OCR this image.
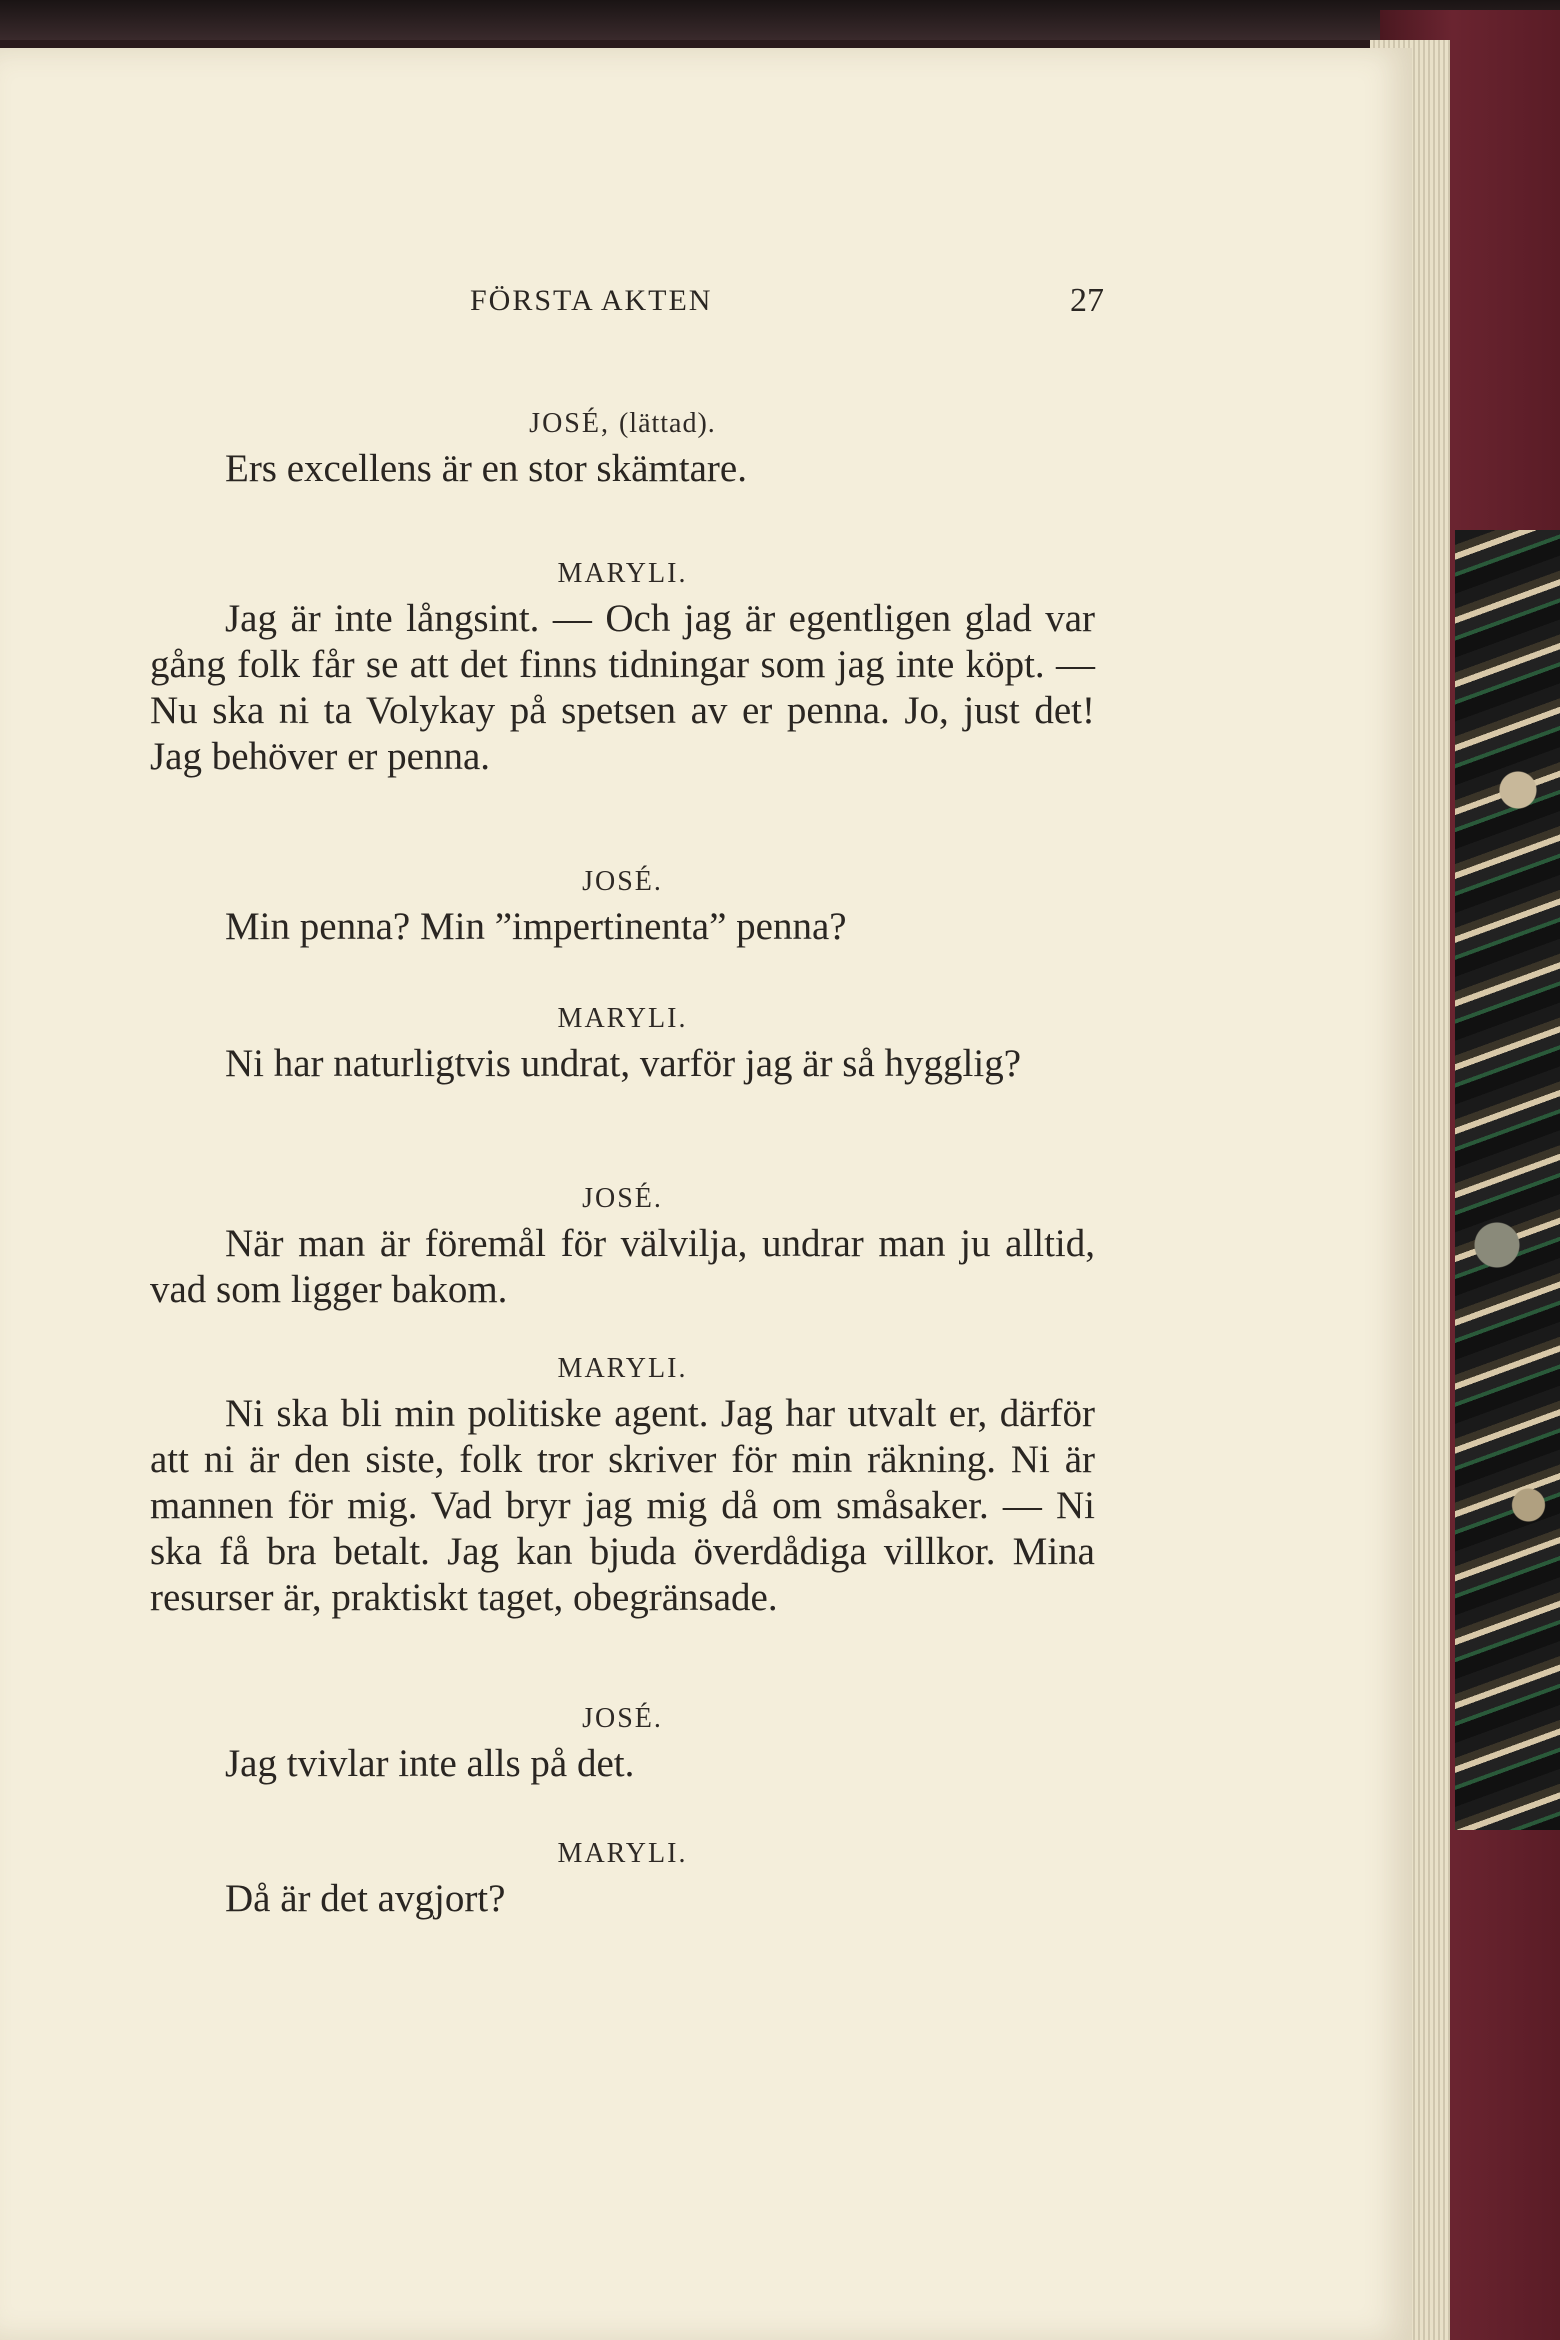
FÖRSTA AKTEN	27
JOSÉ, (lättad).

Ers excellens är en stor skämtare.

MARYLI.

Jag är inte långsint. — Och jag är egentligen glad var gång folk får se att det finns tidningar som jag inte köpt. — Nu ska ni ta Volykay på spetsen av er penna. Jo, just det! Jag behöver er penna.

JOSÉ.

Min penna? Min ”impertinenta” penna?

MARYLI.

Ni har naturligtvis undrat, varför jag är så hygglig?

JOSÉ.

När man är föremål för välvilja, undrar man ju alltid, vad som ligger bakom.

MARYLI.

Ni ska bli min politiske agent. Jag har utvalt er, därför att ni är den siste, folk tror skriver för min räkning. Ni är mannen för mig. Vad bryr jag mig då om småsaker. — Ni ska få bra betalt. Jag kan bjuda överdådiga villkor. Mina resurser är, praktiskt taget, obegränsade.

JOSÉ.

Jag tvivlar inte alls på det.

MARYLI.

Då är det avgjort?
